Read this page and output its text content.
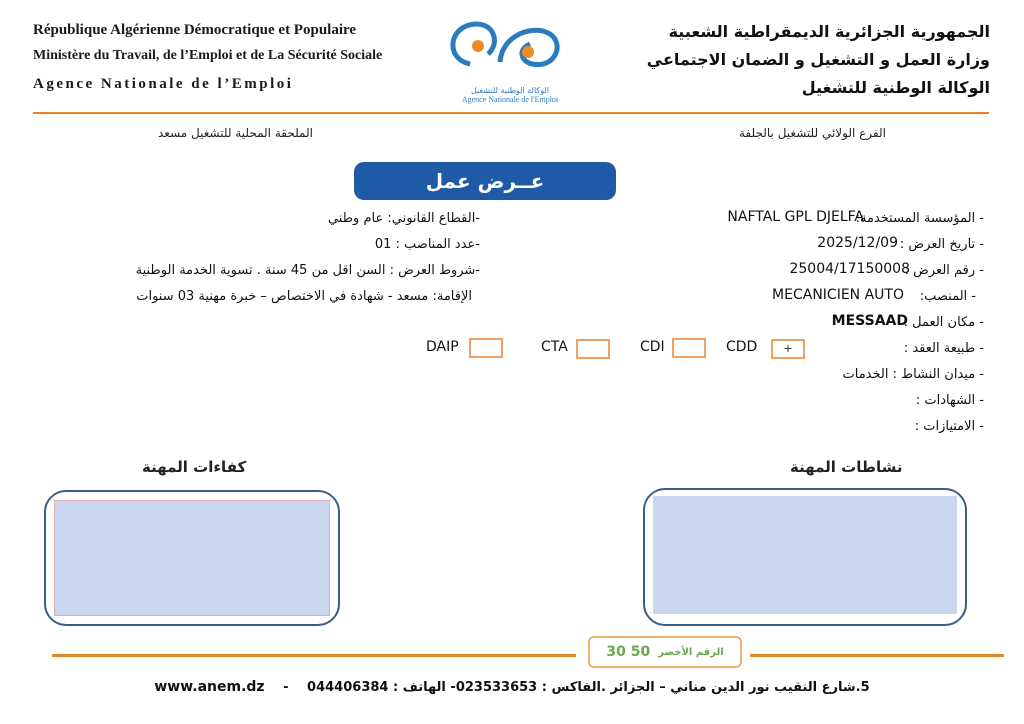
République Algérienne Démocratique et Populaire
Ministère du Travail, de l’Emploi et de La Sécurité Sociale
Agence Nationale de l’Emploi
الجمهورية الجزائرية الديمقراطية الشعبية
وزارة العمل و التشغيل و الضمان الاجتماعي
الوكالة الوطنية للتشغيل
الوكالة الوطنية للتشغيل
Agence Nationale de l'Emploi
الفرع الولائي للتشغيل بالجلفة
الملحقة المحلية للتشغيل مسعد
عــرض عمل
- المؤسسة المستخدمة:
NAFTAL GPL DJELFA
- تاريخ العرض :
2025/12/09
- رقم العرض :
25004/17150008
- المنصب:
MECANICIEN AUTO
- مكان العمل :
MESSAAD
- طبيعة العقد :
CDD	+
CDI
CTA
DAIP
- ميدان النشاط : الخدمات
- الشهادات :
- الامتيازات :
-القطاع القانوني: عام وطني
-عدد المناصب : 01
-شروط العرض : السن اقل من 45 سنة . تسوية الخدمة الوطنية
الإقامة: مسعد - شهادة في الاختصاص – خبرة مهنية 03 سنوات
نشاطات المهنة
كفاءات المهنة
الرقم الأخضر
30 50
5.شارع النقيب نور الدين مناني – الجزائر .الفاكس : 023533653- الهاتف : 044406384 - www.anem.dz
